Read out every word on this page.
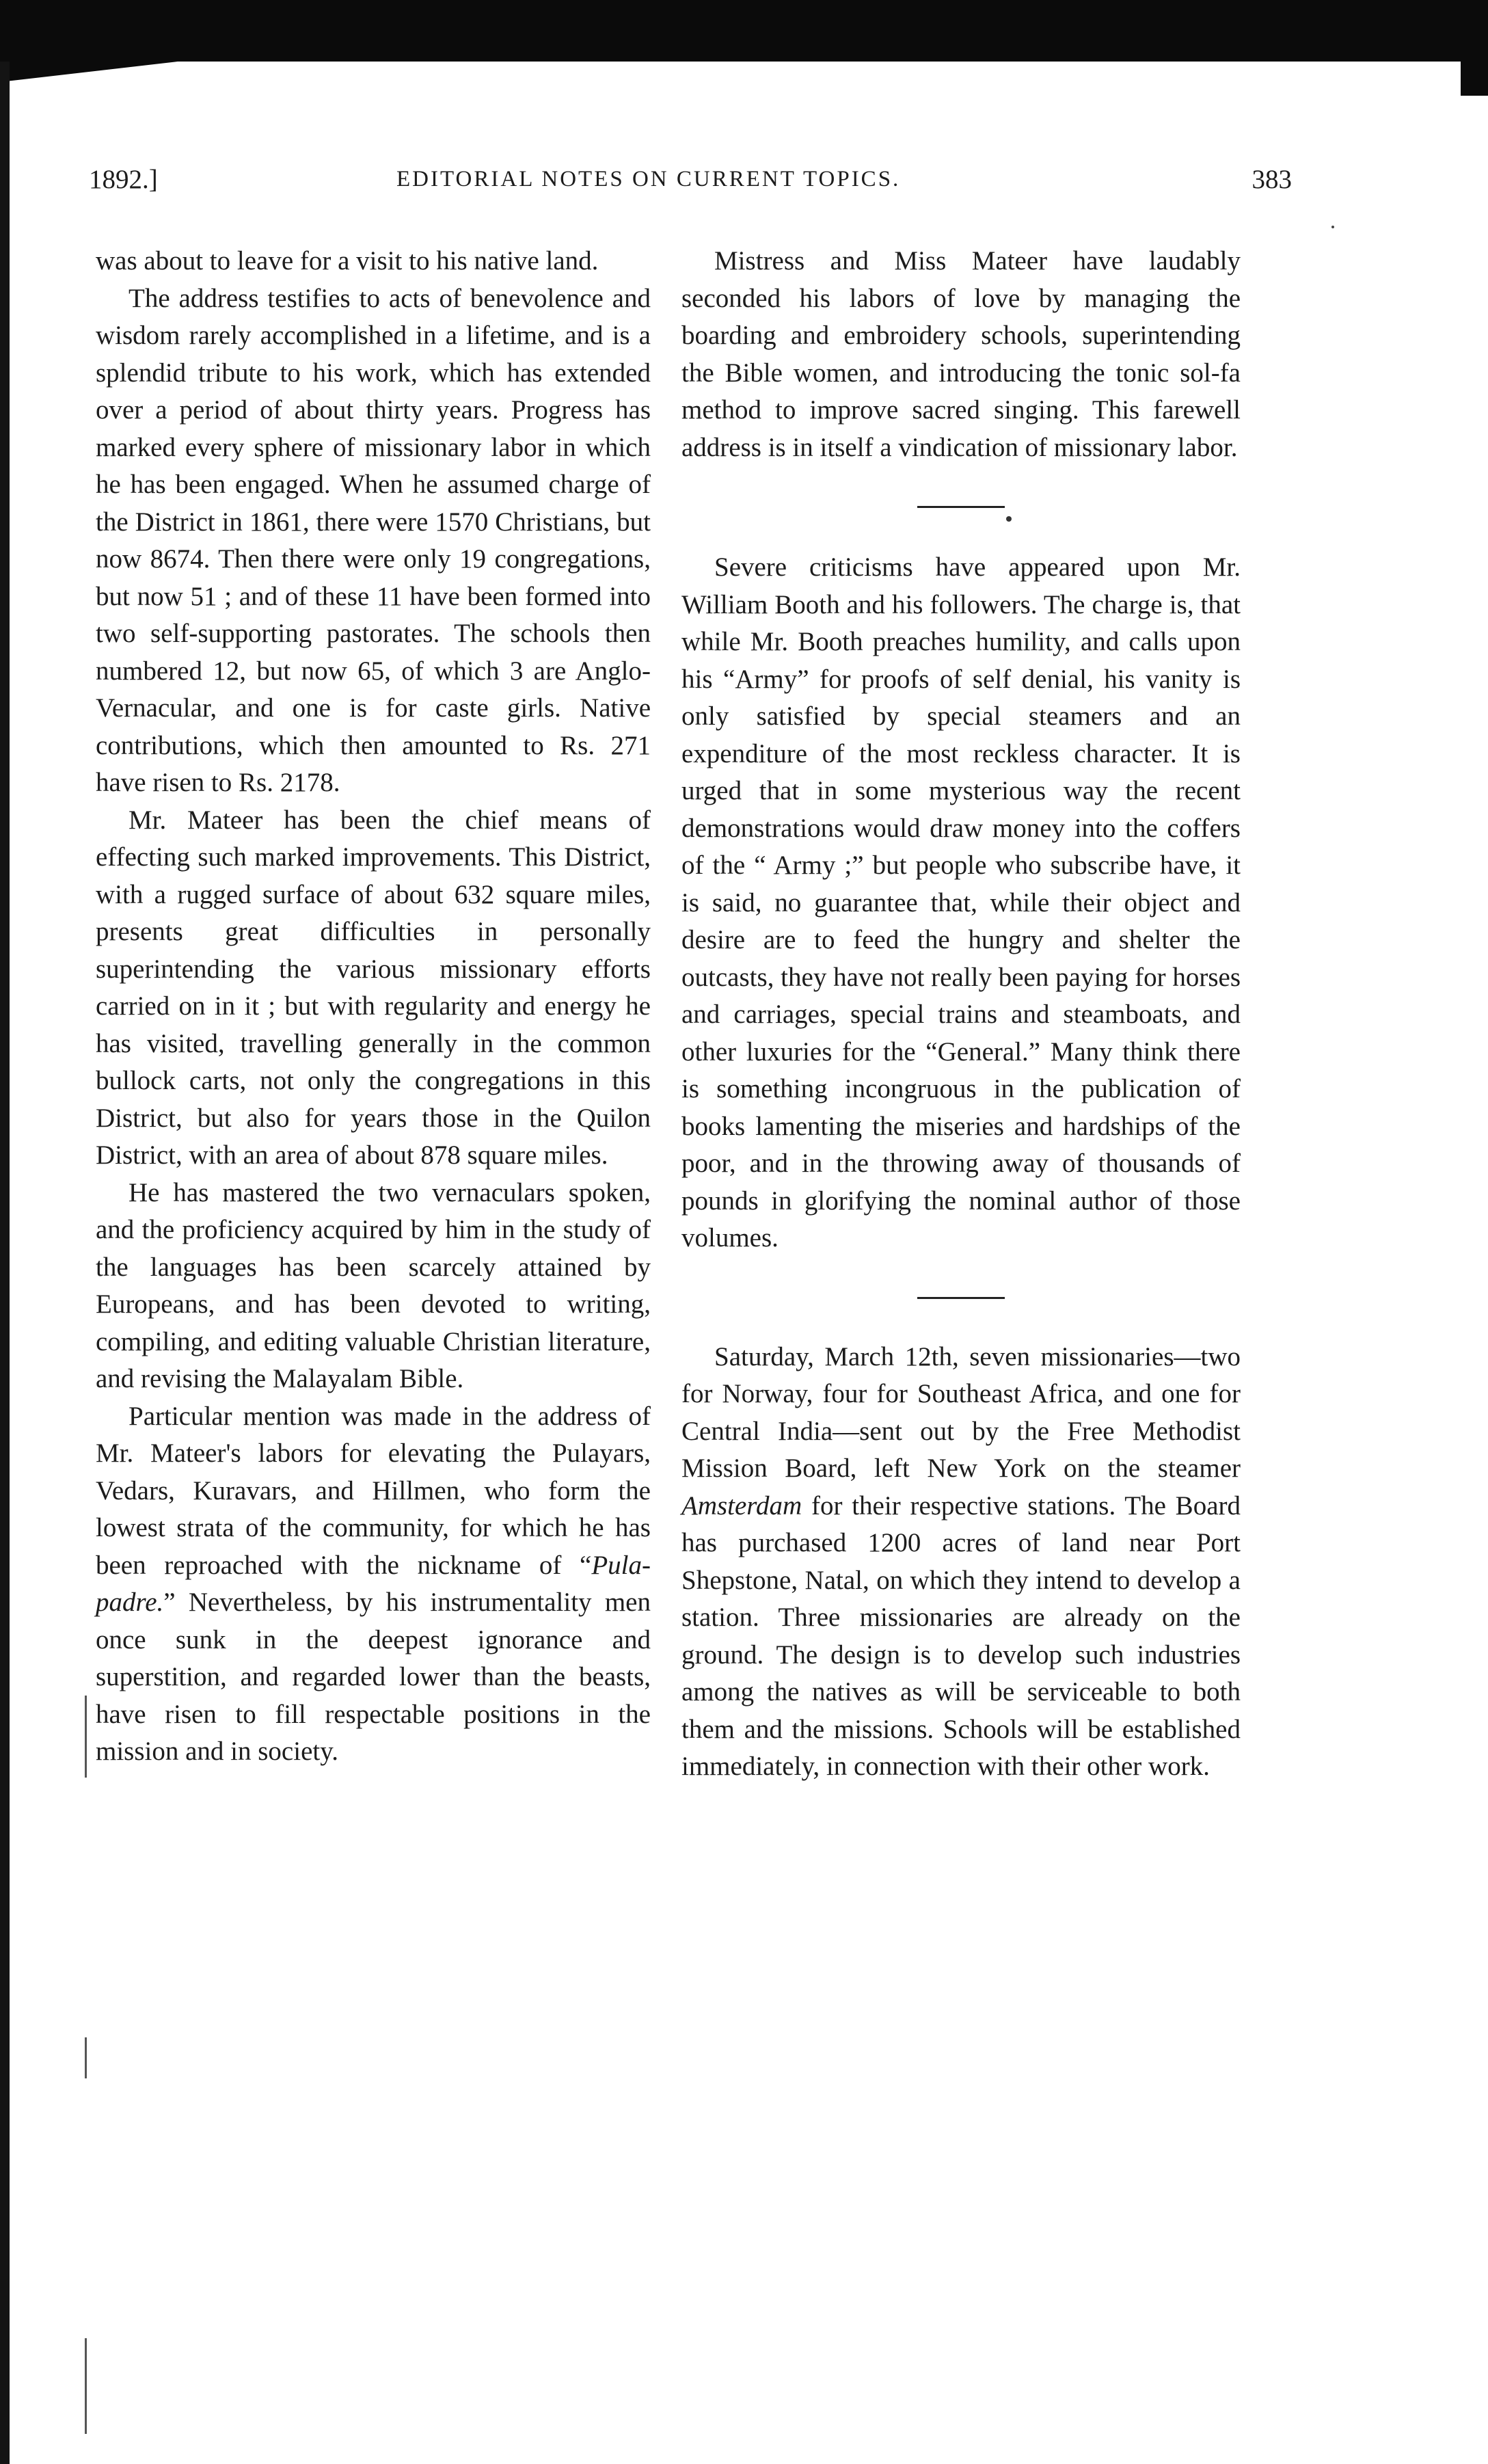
1892.]	EDITORIAL NOTES ON CURRENT TOPICS.	383

was about to leave for a visit to his native land.

The address testifies to acts of benevolence and wisdom rarely accomplished in a lifetime, and is a splendid tribute to his work, which has extended over a period of about thirty years. Progress has marked every sphere of missionary labor in which he has been engaged. When he assumed charge of the District in 1861, there were 1570 Christians, but now 8674. Then there were only 19 congregations, but now 51 ; and of these 11 have been formed into two self-supporting pastorates. The schools then numbered 12, but now 65, of which 3 are Anglo-Vernacular, and one is for caste girls. Native contributions, which then amounted to Rs. 271 have risen to Rs. 2178.

Mr. Mateer has been the chief means of effecting such marked improvements. This District, with a rugged surface of about 632 square miles, presents great difficulties in personally superintending the various missionary efforts carried on in it ; but with regularity and energy he has visited, travelling generally in the common bullock carts, not only the congregations in this District, but also for years those in the Quilon District, with an area of about 878 square miles.

He has mastered the two vernaculars spoken, and the proficiency acquired by him in the study of the languages has been scarcely attained by Europeans, and has been devoted to writing, compiling, and editing valuable Christian literature, and revising the Malayalam Bible.

Particular mention was made in the address of Mr. Mateer's labors for elevating the Pulayars, Vedars, Kuravars, and Hillmen, who form the lowest strata of the community, for which he has been reproached with the nickname of “Pula-padre.” Nevertheless, by his instrumentality men once sunk in the deepest ignorance and superstition, and regarded lower than the beasts, have risen to fill respectable positions in the mission and in society.

Mistress and Miss Mateer have laudably seconded his labors of love by managing the boarding and embroidery schools, superintending the Bible women, and introducing the tonic sol-fa method to improve sacred singing. This farewell address is in itself a vindication of missionary labor.

Severe criticisms have appeared upon Mr. William Booth and his followers. The charge is, that while Mr. Booth preaches humility, and calls upon his “Army” for proofs of self denial, his vanity is only satisfied by special steamers and an expenditure of the most reckless character. It is urged that in some mysterious way the recent demonstrations would draw money into the coffers of the “ Army ;” but people who subscribe have, it is said, no guarantee that, while their object and desire are to feed the hungry and shelter the outcasts, they have not really been paying for horses and carriages, special trains and steamboats, and other luxuries for the “General.” Many think there is something incongruous in the publication of books lamenting the miseries and hardships of the poor, and in the throwing away of thousands of pounds in glorifying the nominal author of those volumes.

Saturday, March 12th, seven missionaries—two for Norway, four for Southeast Africa, and one for Central India—sent out by the Free Methodist Mission Board, left New York on the steamer Amsterdam for their respective stations. The Board has purchased 1200 acres of land near Port Shepstone, Natal, on which they intend to develop a station. Three missionaries are already on the ground. The design is to develop such industries among the natives as will be serviceable to both them and the missions. Schools will be established immediately, in connection with their other work.
